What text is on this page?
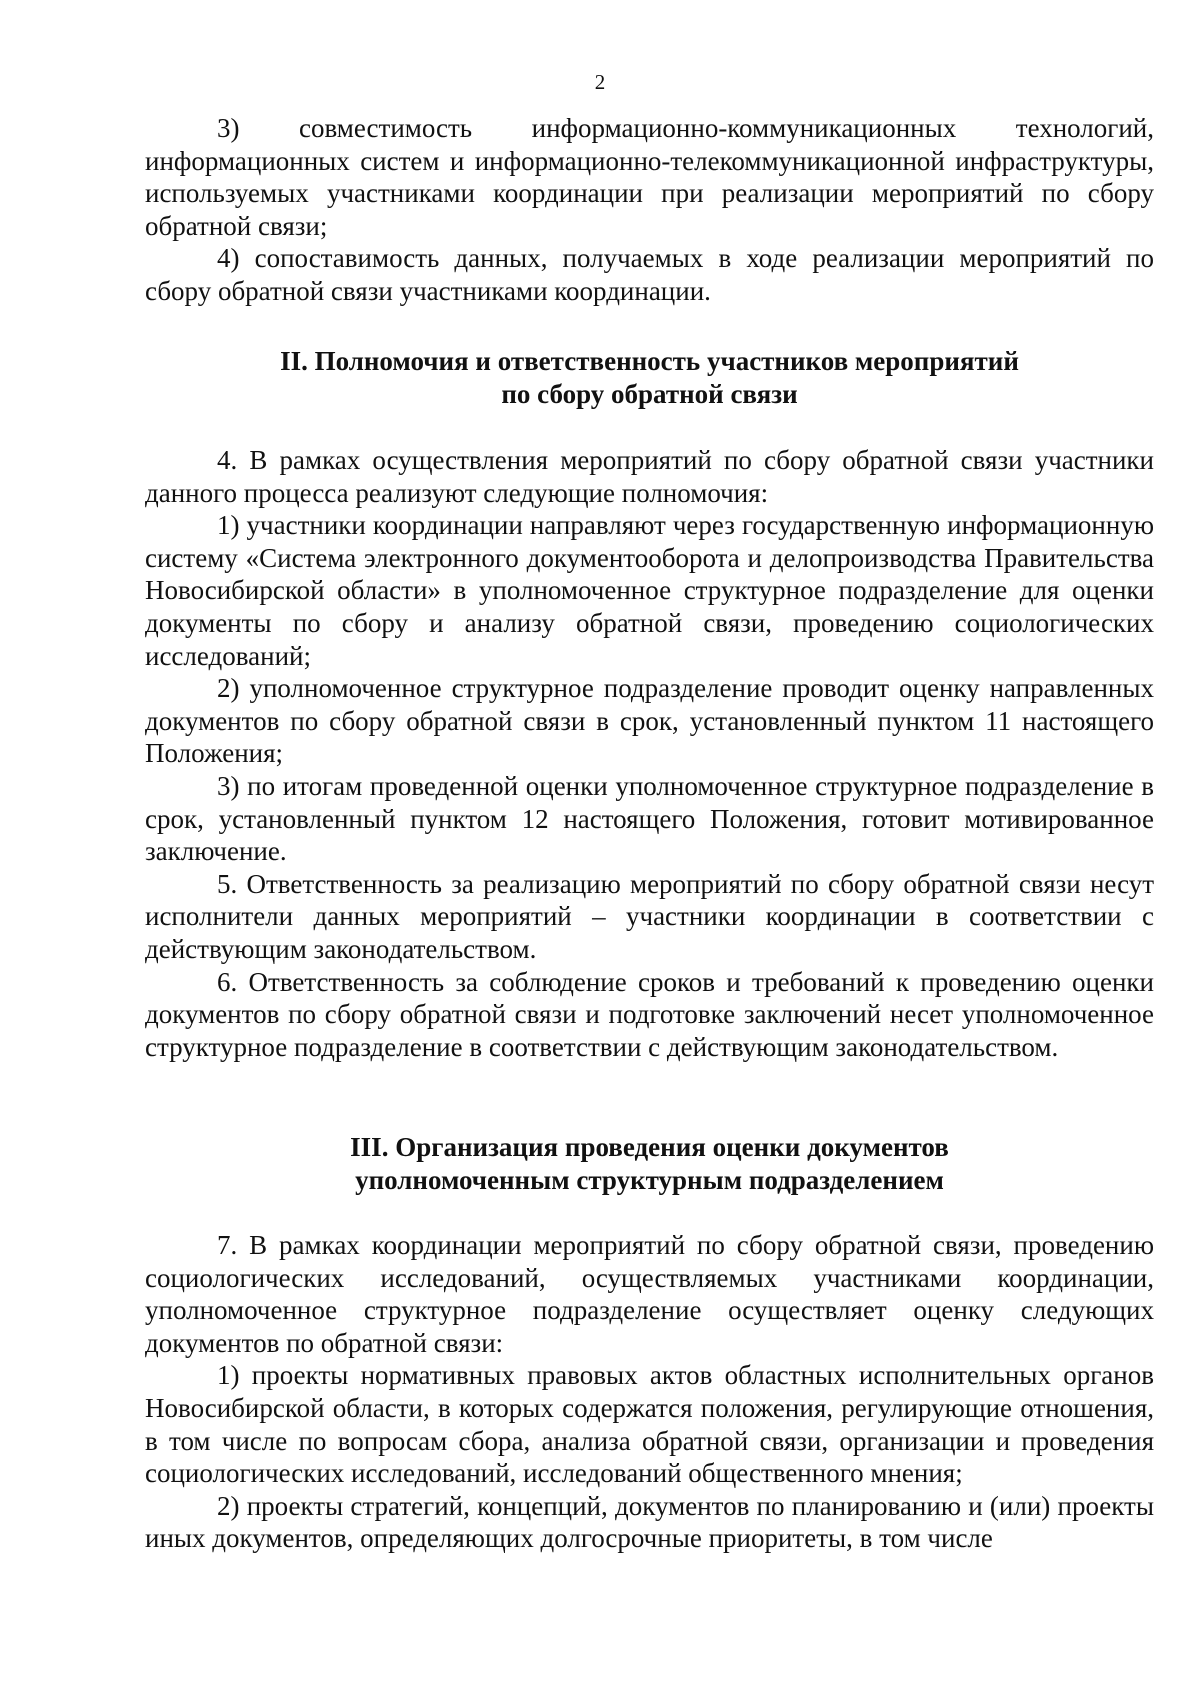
2

3) совместимость информационно-коммуникационных технологий, информационных систем и информационно-телекоммуникационной инфраструктуры, используемых участниками координации при реализации мероприятий по сбору обратной связи;

4) сопоставимость данных, получаемых в ходе реализации мероприятий по сбору обратной связи участниками координации.

II. Полномочия и ответственность участников мероприятий
по сбору обратной связи

4. В рамках осуществления мероприятий по сбору обратной связи участники данного процесса реализуют следующие полномочия:

1) участники координации направляют через государственную информационную систему «Система электронного документооборота и делопроизводства Правительства Новосибирской области» в уполномоченное структурное подразделение для оценки документы по сбору и анализу обратной связи, проведению социологических исследований;

2) уполномоченное структурное подразделение проводит оценку направленных документов по сбору обратной связи в срок, установленный пунктом 11 настоящего Положения;

3) по итогам проведенной оценки уполномоченное структурное подразделение в срок, установленный пунктом 12 настоящего Положения, готовит мотивированное заключение.

5. Ответственность за реализацию мероприятий по сбору обратной связи несут исполнители данных мероприятий – участники координации в соответствии с действующим законодательством.

6. Ответственность за соблюдение сроков и требований к проведению оценки документов по сбору обратной связи и подготовке заключений несет уполномоченное структурное подразделение в соответствии с действующим законодательством.

III. Организация проведения оценки документов
уполномоченным структурным подразделением

7. В рамках координации мероприятий по сбору обратной связи, проведению социологических исследований, осуществляемых участниками координации, уполномоченное структурное подразделение осуществляет оценку следующих документов по обратной связи:

1) проекты нормативных правовых актов областных исполнительных органов Новосибирской области, в которых содержатся положения, регулирующие отношения, в том числе по вопросам сбора, анализа обратной связи, организации и проведения социологических исследований, исследований общественного мнения;

2) проекты стратегий, концепций, документов по планированию и (или) проекты иных документов, определяющих долгосрочные приоритеты, в том числе
